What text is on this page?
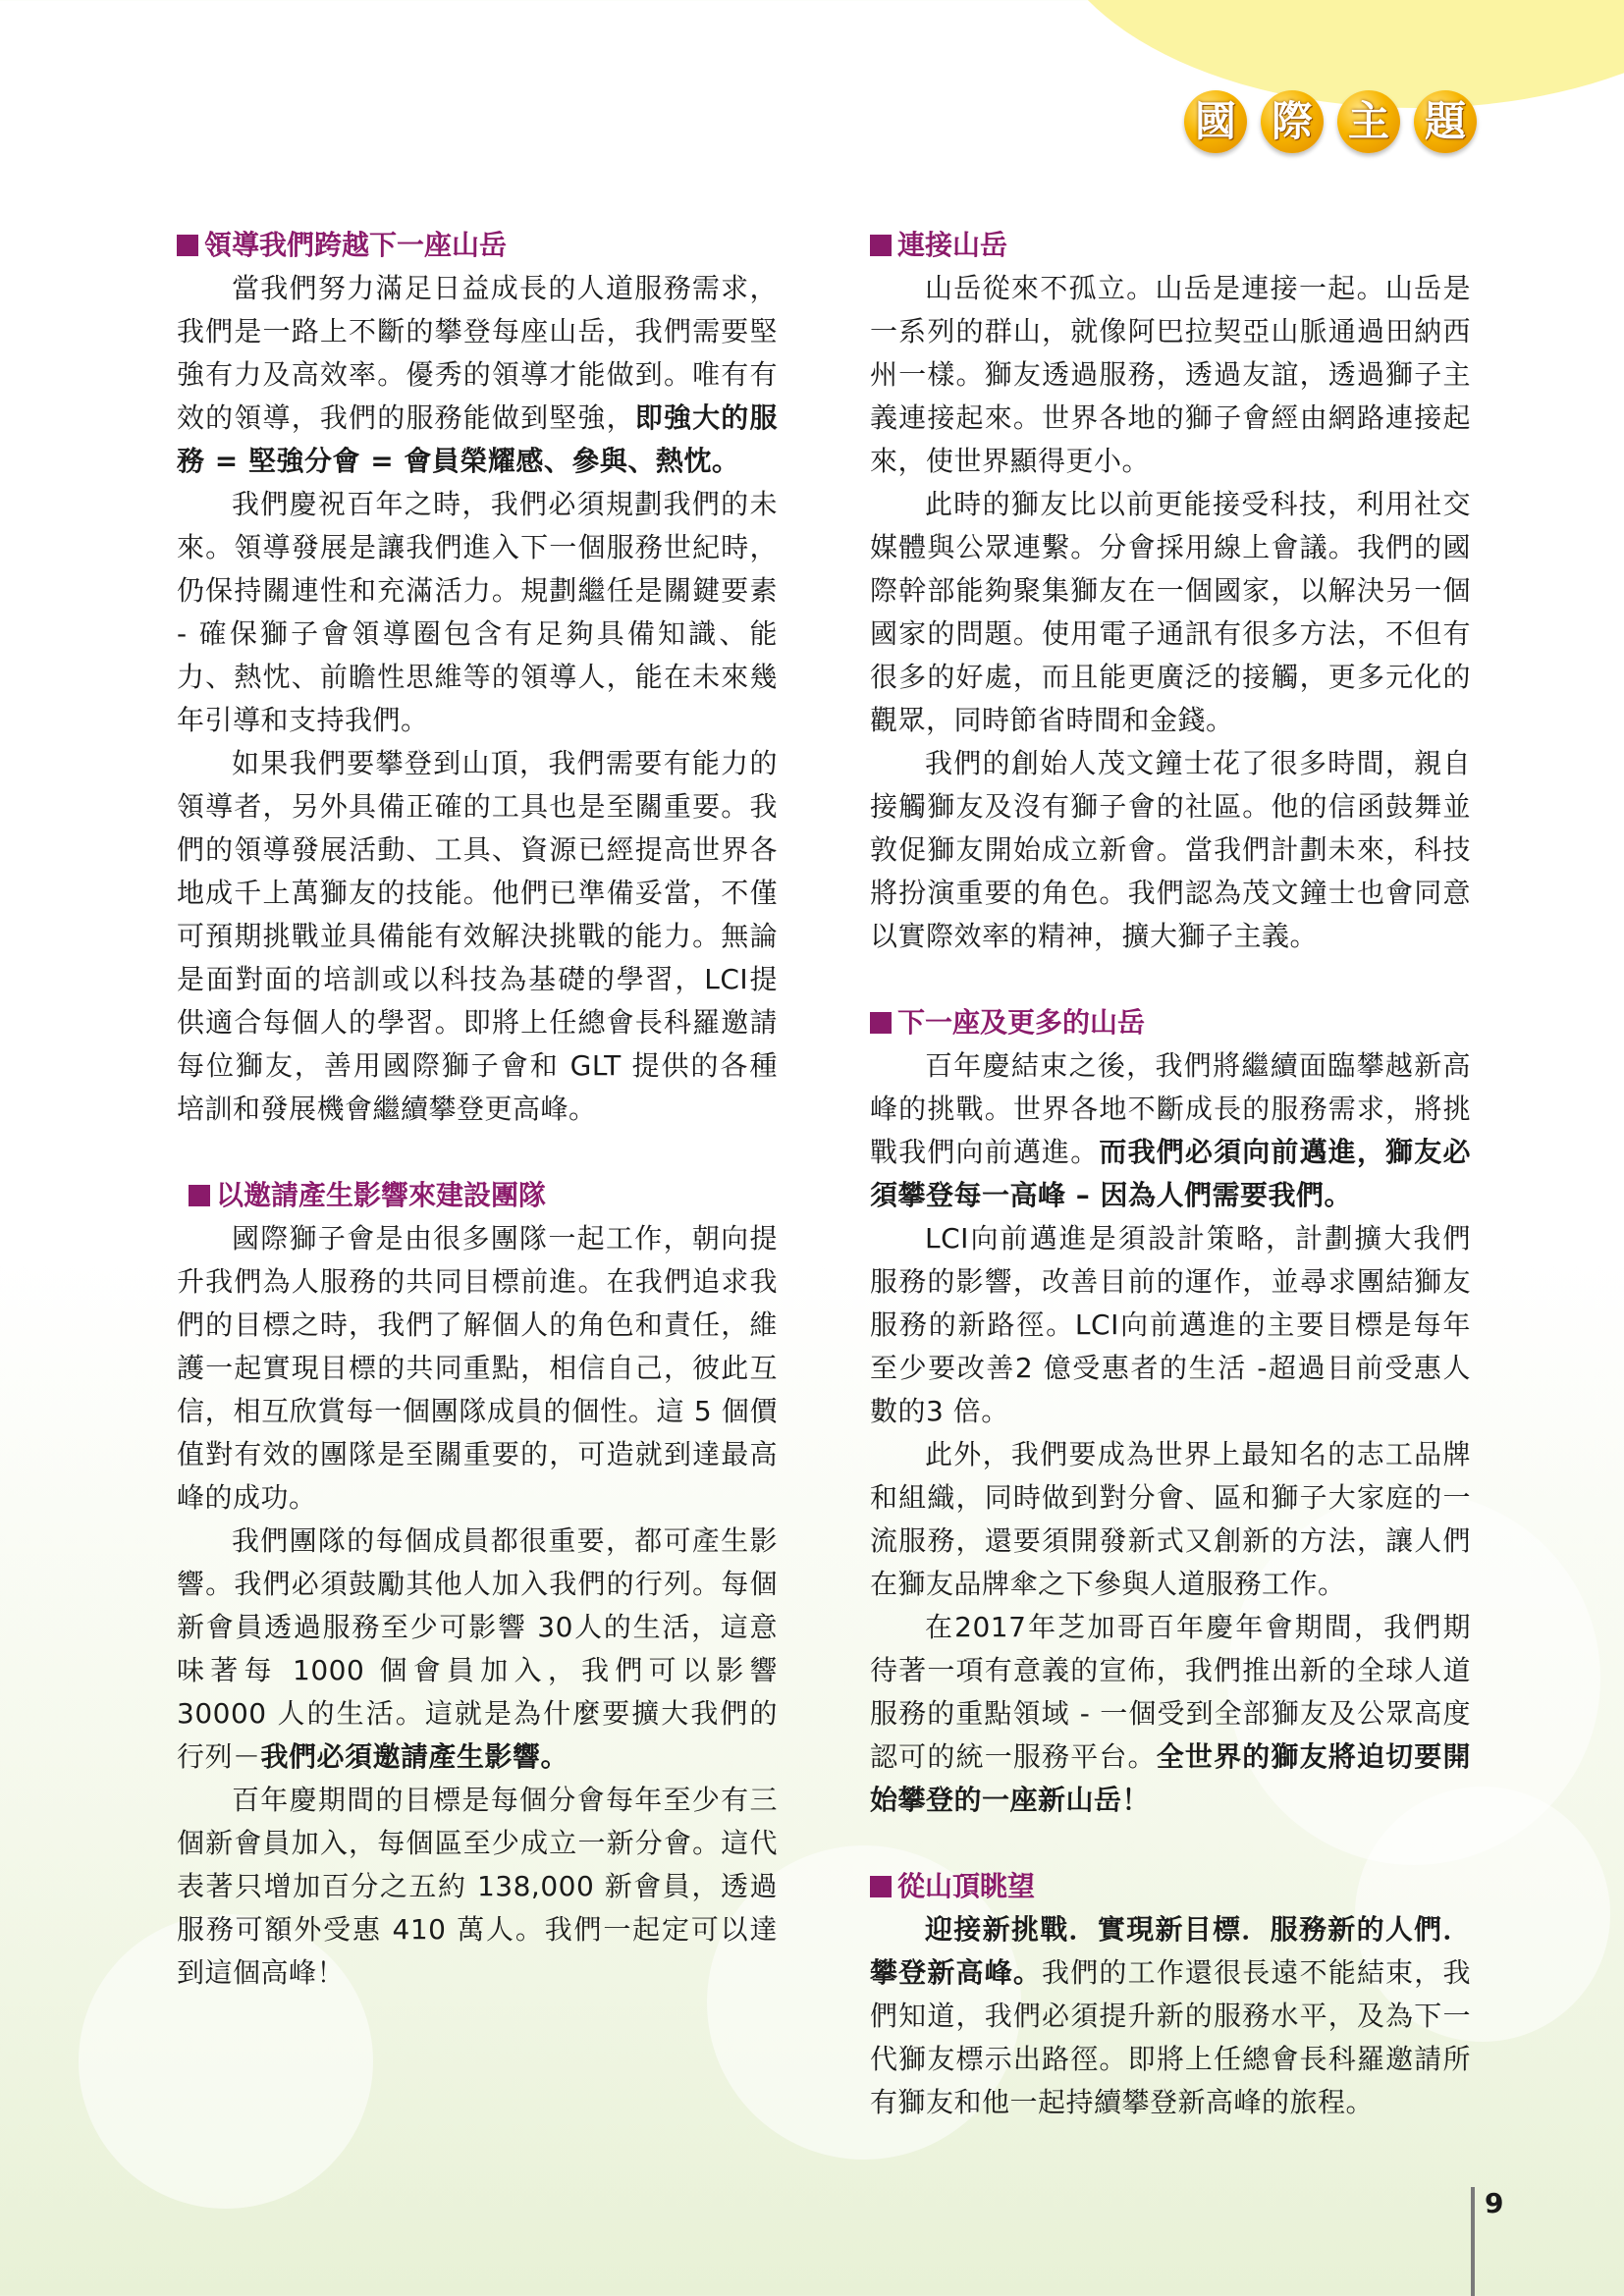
國 際 主 題
領導我們跨越下一座山岳

當我們努力滿足日益成長的人道服務需求，我們是一路上不斷的攀登每座山岳，我們需要堅強有力及高效率。優秀的領導才能做到。唯有有效的領導，我們的服務能做到堅強，即強大的服務 = 堅強分會 = 會員榮耀感、參與、熱忱。

我們慶祝百年之時，我們必須規劃我們的未來。領導發展是讓我們進入下一個服務世紀時，仍保持關連性和充滿活力。規劃繼任是關鍵要素 - 確保獅子會領導圈包含有足夠具備知識、能力、熱忱、前瞻性思維等的領導人，能在未來幾年引導和支持我們。

如果我們要攀登到山頂，我們需要有能力的領導者，另外具備正確的工具也是至關重要。我們的領導發展活動、工具、資源已經提高世界各地成千上萬獅友的技能。他們已準備妥當，不僅可預期挑戰並具備能有效解決挑戰的能力。無論是面對面的培訓或以科技為基礎的學習，LCI提供適合每個人的學習。即將上任總會長科羅邀請每位獅友，善用國際獅子會和 GLT 提供的各種培訓和發展機會繼續攀登更高峰。

以邀請產生影響來建設團隊

國際獅子會是由很多團隊一起工作，朝向提升我們為人服務的共同目標前進。在我們追求我們的目標之時，我們了解個人的角色和責任，維護一起實現目標的共同重點，相信自己，彼此互信，相互欣賞每一個團隊成員的個性。這 5 個價值對有效的團隊是至關重要的，可造就到達最高峰的成功。

我們團隊的每個成員都很重要，都可產生影響。我們必須鼓勵其他人加入我們的行列。每個新會員透過服務至少可影響 30人的生活，這意味著每 1000 個會員加入，我們可以影響 30000 人的生活。這就是為什麼要擴大我們的行列－我們必須邀請產生影響。

百年慶期間的目標是每個分會每年至少有三個新會員加入，每個區至少成立一新分會。這代表著只增加百分之五約 138,000 新會員，透過服務可額外受惠 410 萬人。我們一起定可以達到這個高峰！

連接山岳

山岳從來不孤立。山岳是連接一起。山岳是一系列的群山，就像阿巴拉契亞山脈通過田納西州一樣。獅友透過服務，透過友誼，透過獅子主義連接起來。世界各地的獅子會經由網路連接起來，使世界顯得更小。

此時的獅友比以前更能接受科技，利用社交媒體與公眾連繫。分會採用線上會議。我們的國際幹部能夠聚集獅友在一個國家，以解決另一個國家的問題。使用電子通訊有很多方法，不但有很多的好處，而且能更廣泛的接觸，更多元化的觀眾，同時節省時間和金錢。

我們的創始人茂文鐘士花了很多時間，親自接觸獅友及沒有獅子會的社區。他的信函鼓舞並敦促獅友開始成立新會。當我們計劃未來，科技將扮演重要的角色。我們認為茂文鐘士也會同意以實際效率的精神，擴大獅子主義。

下一座及更多的山岳

百年慶結束之後，我們將繼續面臨攀越新高峰的挑戰。世界各地不斷成長的服務需求，將挑戰我們向前邁進。而我們必須向前邁進，獅友必須攀登每一高峰 – 因為人們需要我們。

LCI向前邁進是須設計策略，計劃擴大我們服務的影響，改善目前的運作，並尋求團結獅友服務的新路徑。LCI向前邁進的主要目標是每年至少要改善2 億受惠者的生活 -超過目前受惠人數的3 倍。

此外，我們要成為世界上最知名的志工品牌和組織，同時做到對分會、區和獅子大家庭的一流服務，還要須開發新式又創新的方法，讓人們在獅友品牌傘之下參與人道服務工作。

在2017年芝加哥百年慶年會期間，我們期待著一項有意義的宣佈，我們推出新的全球人道服務的重點領域 - 一個受到全部獅友及公眾高度認可的統一服務平台。全世界的獅友將迫切要開始攀登的一座新山岳！

從山頂眺望

迎接新挑戰．實現新目標．服務新的人們．攀登新高峰。我們的工作還很長遠不能結束，我們知道，我們必須提升新的服務水平，及為下一代獅友標示出路徑。即將上任總會長科羅邀請所有獅友和他一起持續攀登新高峰的旅程。

9
